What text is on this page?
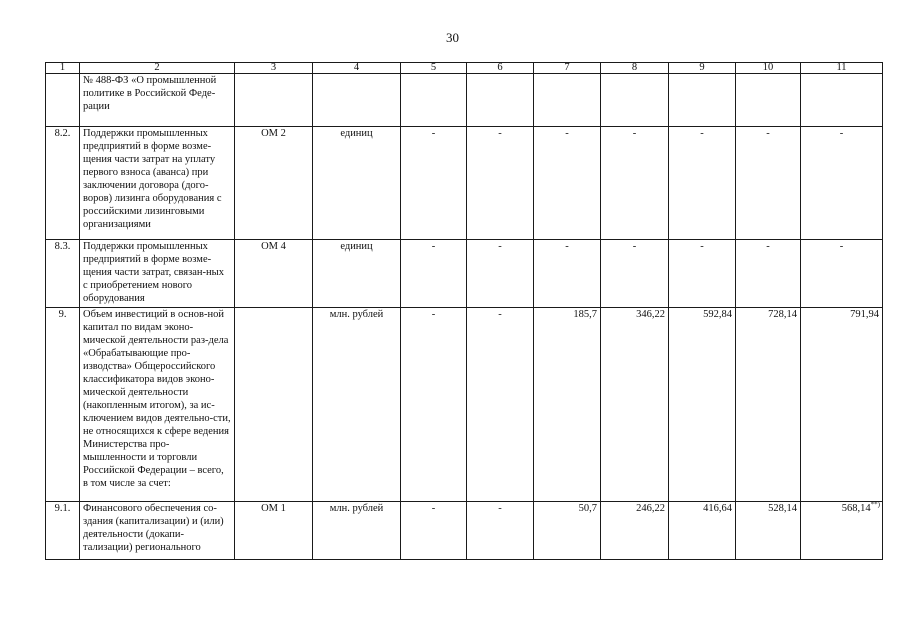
30
1	2	3	4	5	6	7	8	9	10	11
	№ 488-ФЗ «О промышленной политике в Российской Феде-рации									
8.2.	Поддержки промышленных предприятий в форме возме-щения части затрат на уплату первого взноса (аванса) при заключении договора (дого-воров) лизинга оборудования с российскими лизинговыми организациями	ОМ 2	единиц	-	-	-	-	-	-	-
8.3.	Поддержки промышленных предприятий в форме возме-щения части затрат, связан-ных с приобретением нового оборудования	ОМ 4	единиц	-	-	-	-	-	-	-
9.	Объем инвестиций в основ-ной капитал по видам эконо-мической деятельности раз-дела «Обрабатывающие про-изводства» Общероссийского классификатора видов эконо-мической деятельности (накопленным итогом), за ис-ключением видов деятельно-сти, не относящихся к сфере ведения Министерства про-мышленности и торговли Российской Федерации – всего, в том числе за счет:		млн. рублей	-	-	185,7	346,22	592,84	728,14	791,94
9.1.	Финансового обеспечения со-здания (капитализации) и (или) деятельности (докапи-тализации) регионального	ОМ 1	млн. рублей	-	-	50,7	246,22	416,64	528,14	568,14**)
